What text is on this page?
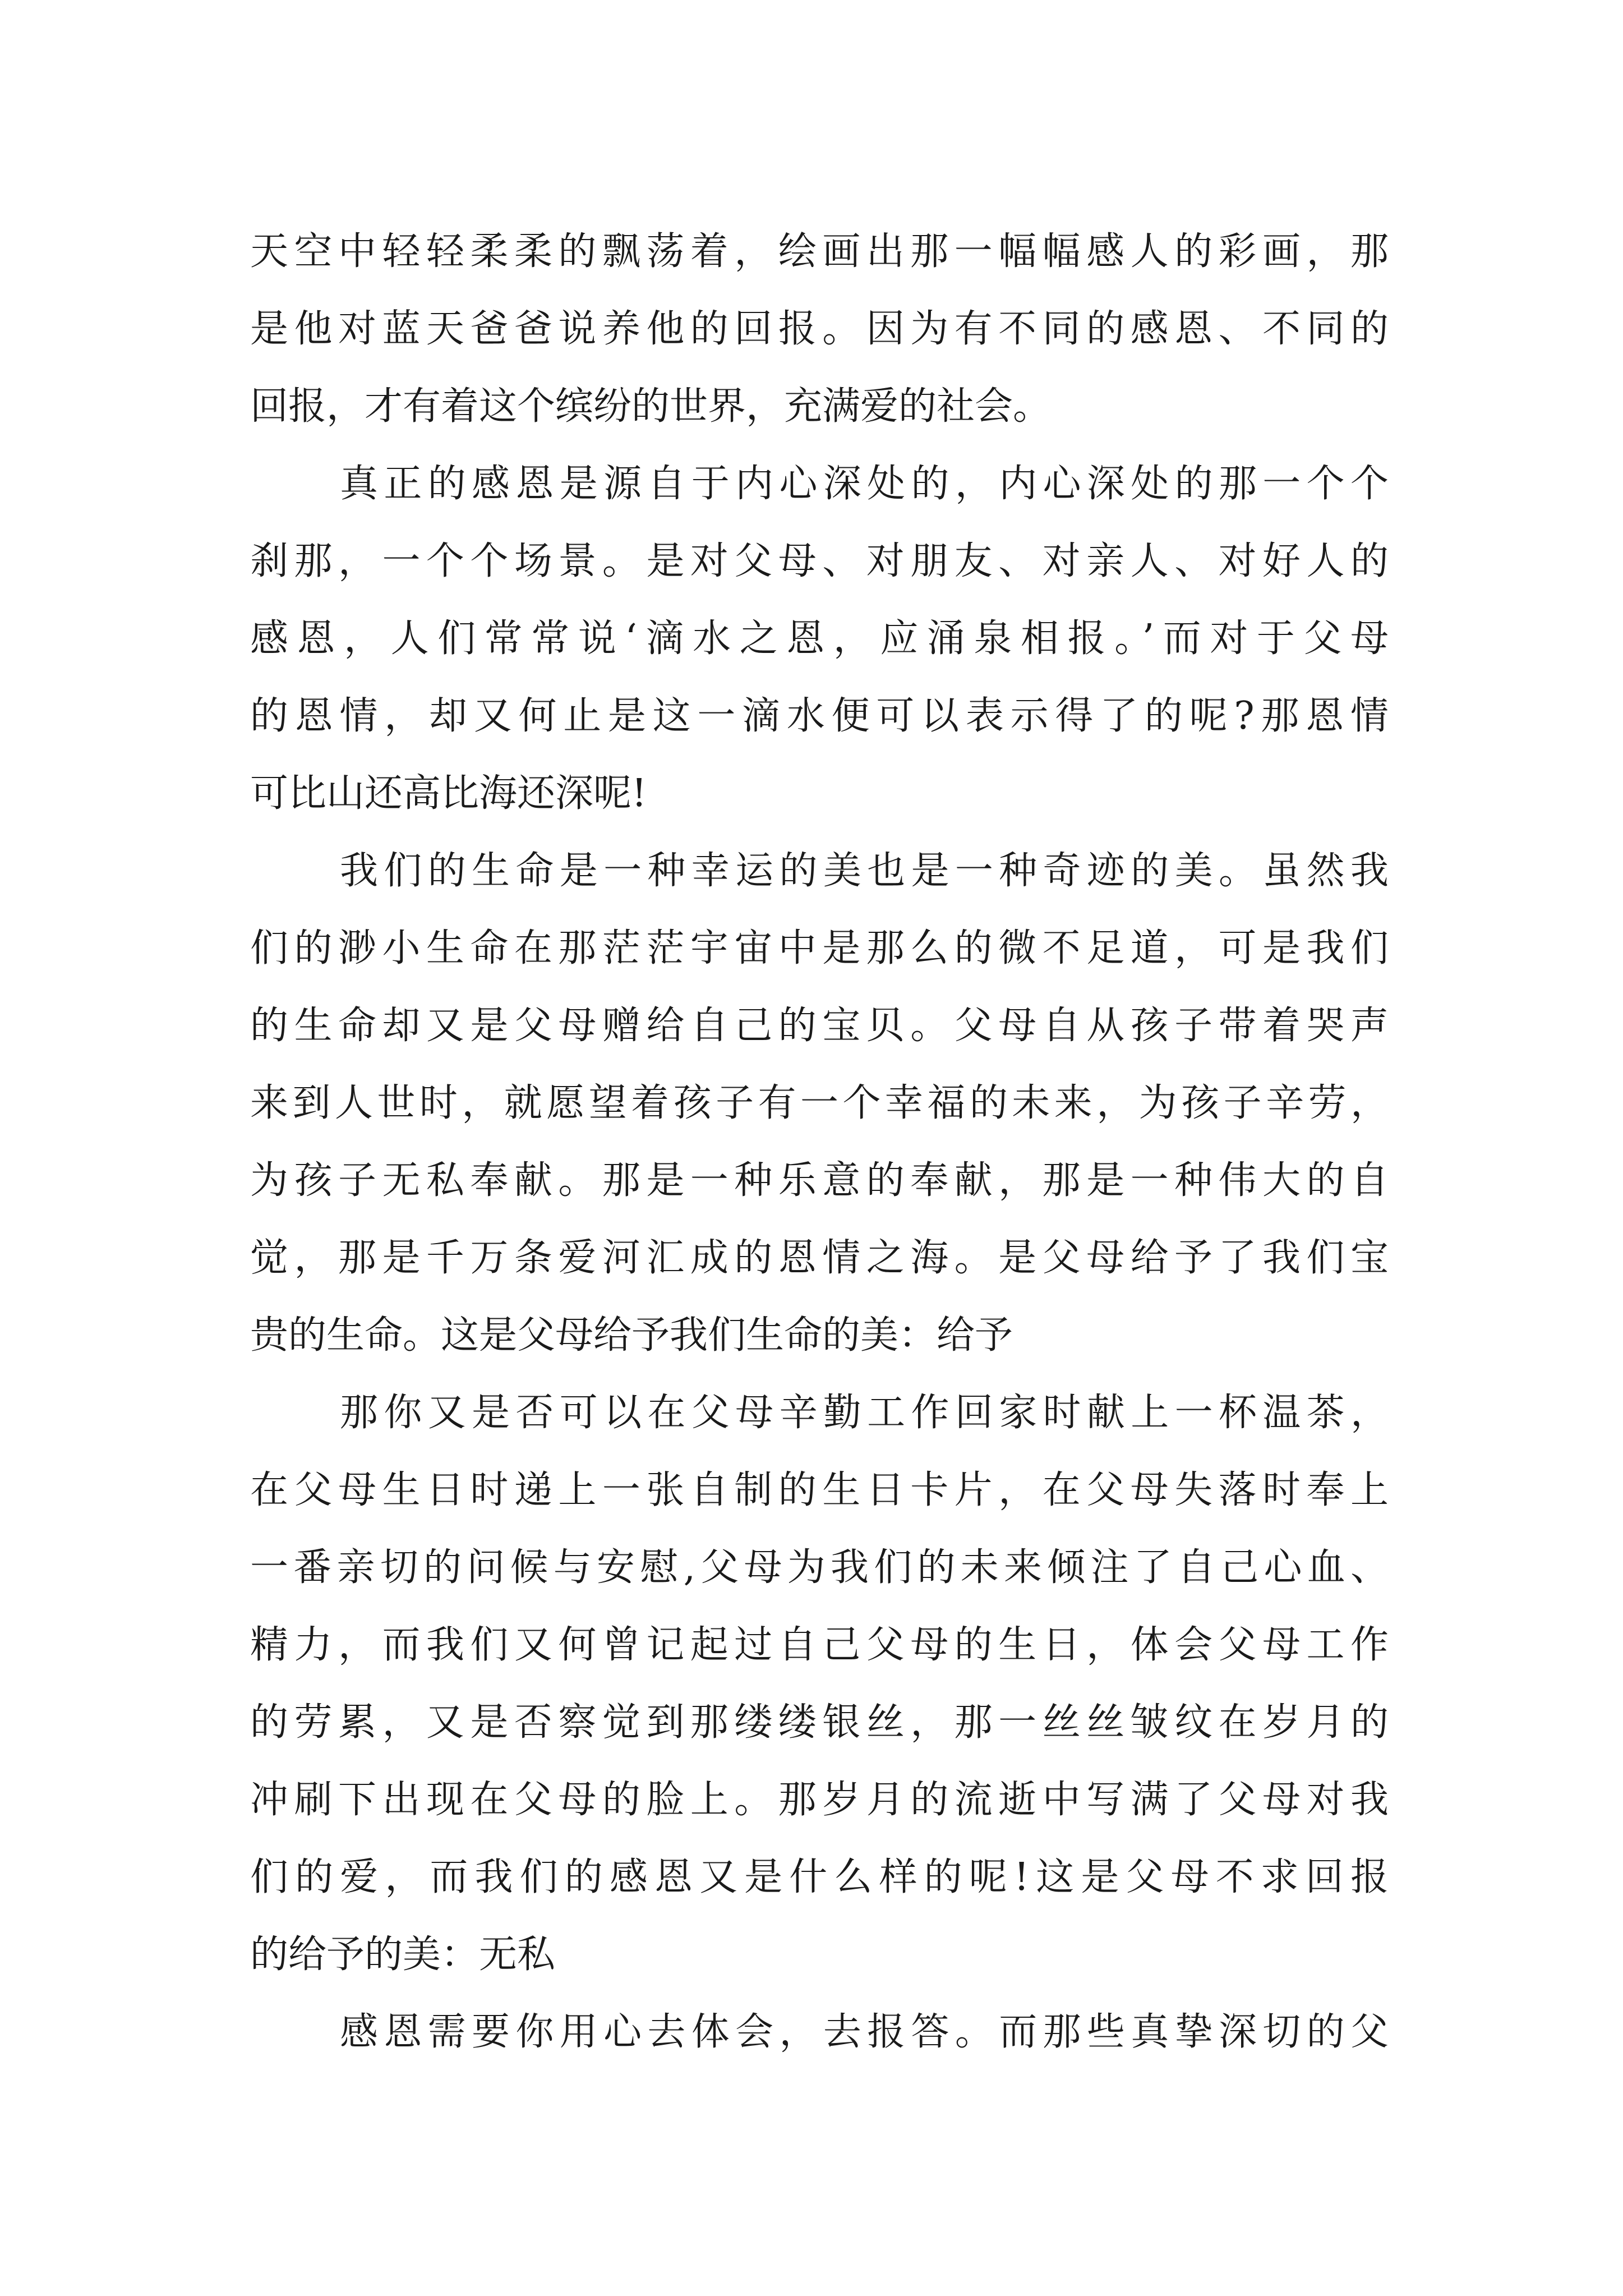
天空中轻轻柔柔的飘荡着，绘画出那一幅幅感人的彩画，那
是他对蓝天爸爸说养他的回报。因为有不同的感恩、不同的
回报，才有着这个缤纷的世界，充满爱的社会。
真正的感恩是源自于内心深处的，内心深处的那一个个
刹那，一个个场景。是对父母、对朋友、对亲人、对好人的
感恩，人们常常说‘滴水之恩，应涌泉相报。’而对于父母
的恩情，却又何止是这一滴水便可以表示得了的呢?那恩情
可比山还高比海还深呢!
我们的生命是一种幸运的美也是一种奇迹的美。虽然我
们的渺小生命在那茫茫宇宙中是那么的微不足道，可是我们
的生命却又是父母赠给自己的宝贝。父母自从孩子带着哭声
来到人世时，就愿望着孩子有一个幸福的未来，为孩子辛劳，
为孩子无私奉献。那是一种乐意的奉献，那是一种伟大的自
觉，那是千万条爱河汇成的恩情之海。是父母给予了我们宝
贵的生命。这是父母给予我们生命的美：给予
那你又是否可以在父母辛勤工作回家时献上一杯温茶，
在父母生日时递上一张自制的生日卡片，在父母失落时奉上
一番亲切的问候与安慰,父母为我们的未来倾注了自己心血、
精力，而我们又何曾记起过自己父母的生日，体会父母工作
的劳累，又是否察觉到那缕缕银丝，那一丝丝皱纹在岁月的
冲刷下出现在父母的脸上。那岁月的流逝中写满了父母对我
们的爱，而我们的感恩又是什么样的呢!这是父母不求回报
的给予的美：无私
感恩需要你用心去体会，去报答。而那些真挚深切的父
